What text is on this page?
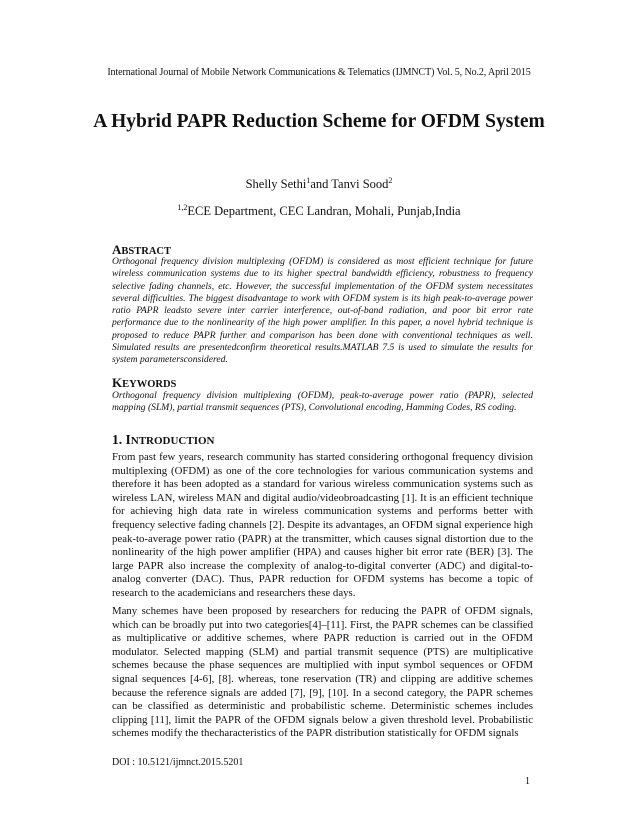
International Journal of Mobile Network Communications & Telematics (IJMNCT) Vol. 5, No.2, April 2015
A Hybrid PAPR Reduction Scheme for OFDM System
Shelly Sethi$^1$and Tanvi Sood$^2$
$^{1,2}$ECE Department, CEC Landran, Mohali, Punjab,India
ABSTRACT
Orthogonal frequency division multiplexing (OFDM) is considered as most efficient technique for future wireless communication systems due to its higher spectral bandwidth efficiency, robustness to frequency selective fading channels, etc. However, the successful implementation of the OFDM system necessitates several difficulties. The biggest disadvantage to work with OFDM system is its high peak-to-average power ratio PAPR leadsto severe inter carrier interference, out-of-band radiation, and poor bit error rate performance due to the nonlinearity of the high power amplifier. In this paper, a novel hybrid technique is proposed to reduce PAPR further and comparison has been done with conventional techniques as well. Simulated results are presentedconfirm theoretical results.MATLAB 7.5 is used to simulate the results for system parametersconsidered.
KEYWORDS
Orthogonal frequency division multiplexing (OFDM), peak-to-average power ratio (PAPR), selected mapping (SLM), partial transmit sequences (PTS), Convolutional encoding, Hamming Codes, RS coding.
1. INTRODUCTION
From past few years, research community has started considering orthogonal frequency division multiplexing (OFDM) as one of the core technologies for various communication systems and therefore it has been adopted as a standard for various wireless communication systems such as wireless LAN, wireless MAN and digital audio/videobroadcasting [1]. It is an efficient technique for achieving high data rate in wireless communication systems and performs better with frequency selective fading channels [2]. Despite its advantages, an OFDM signal experience high peak-to-average power ratio (PAPR) at the transmitter, which causes signal distortion due to the nonlinearity of the high power amplifier (HPA) and causes higher bit error rate (BER) [3]. The large PAPR also increase the complexity of analog-to-digital converter (ADC) and digital-to-analog converter (DAC). Thus, PAPR reduction for OFDM systems has become a topic of research to the academicians and researchers these days.
Many schemes have been proposed by researchers for reducing the PAPR of OFDM signals, which can be broadly put into two categories[4]–[11]. First, the PAPR schemes can be classified as multiplicative or additive schemes, where PAPR reduction is carried out in the OFDM modulator. Selected mapping (SLM) and partial transmit sequence (PTS) are multiplicative schemes because the phase sequences are multiplied with input symbol sequences or OFDM signal sequences [4-6], [8]. whereas, tone reservation (TR) and clipping are additive schemes because the reference signals are added [7], [9], [10]. In a second category, the PAPR schemes can be classified as deterministic and probabilistic scheme. Deterministic schemes includes clipping [11], limit the PAPR of the OFDM signals below a given threshold level. Probabilistic schemes modify the thecharacteristics of the PAPR distribution statistically for OFDM signals
DOI : 10.5121/ijmnct.2015.5201
1
